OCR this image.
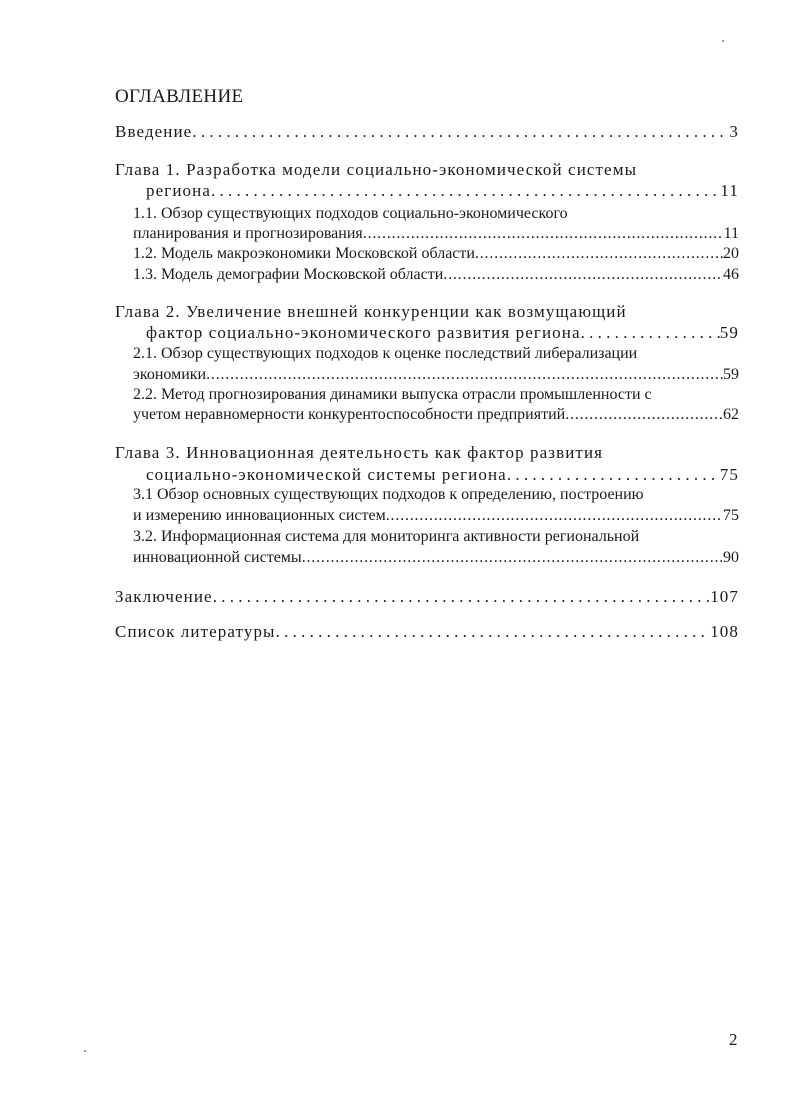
ОГЛАВЛЕНИЕ
Введение . . .	3
Глава 1. Разработка модели социально-экономической системы
региона . . .	11
1.1. Обзор существующих подходов социально-экономического
планирования и прогнозирования . . .	11
1.2. Модель макроэкономики Московской области . . .	20
1.3. Модель демографии Московской области . . .	46
Глава 2. Увеличение внешней конкуренции как возмущающий
фактор социально-экономического развития региона . . .	59
2.1. Обзор существующих подходов к оценке последствий либерализации
экономики . . .	59
2.2. Метод прогнозирования динамики выпуска отрасли промышленности с
учетом неравномерности конкурентоспособности предприятий . . .	62
Глава 3. Инновационная деятельность как фактор развития
социально-экономической системы региона . . .	75
3.1 Обзор основных существующих подходов к определению, построению
и измерению инновационных систем . . .	75
3.2. Информационная система для мониторинга активности региональной
инновационной системы . . .	90
Заключение . . .	107
Список литературы . . .	108
2
